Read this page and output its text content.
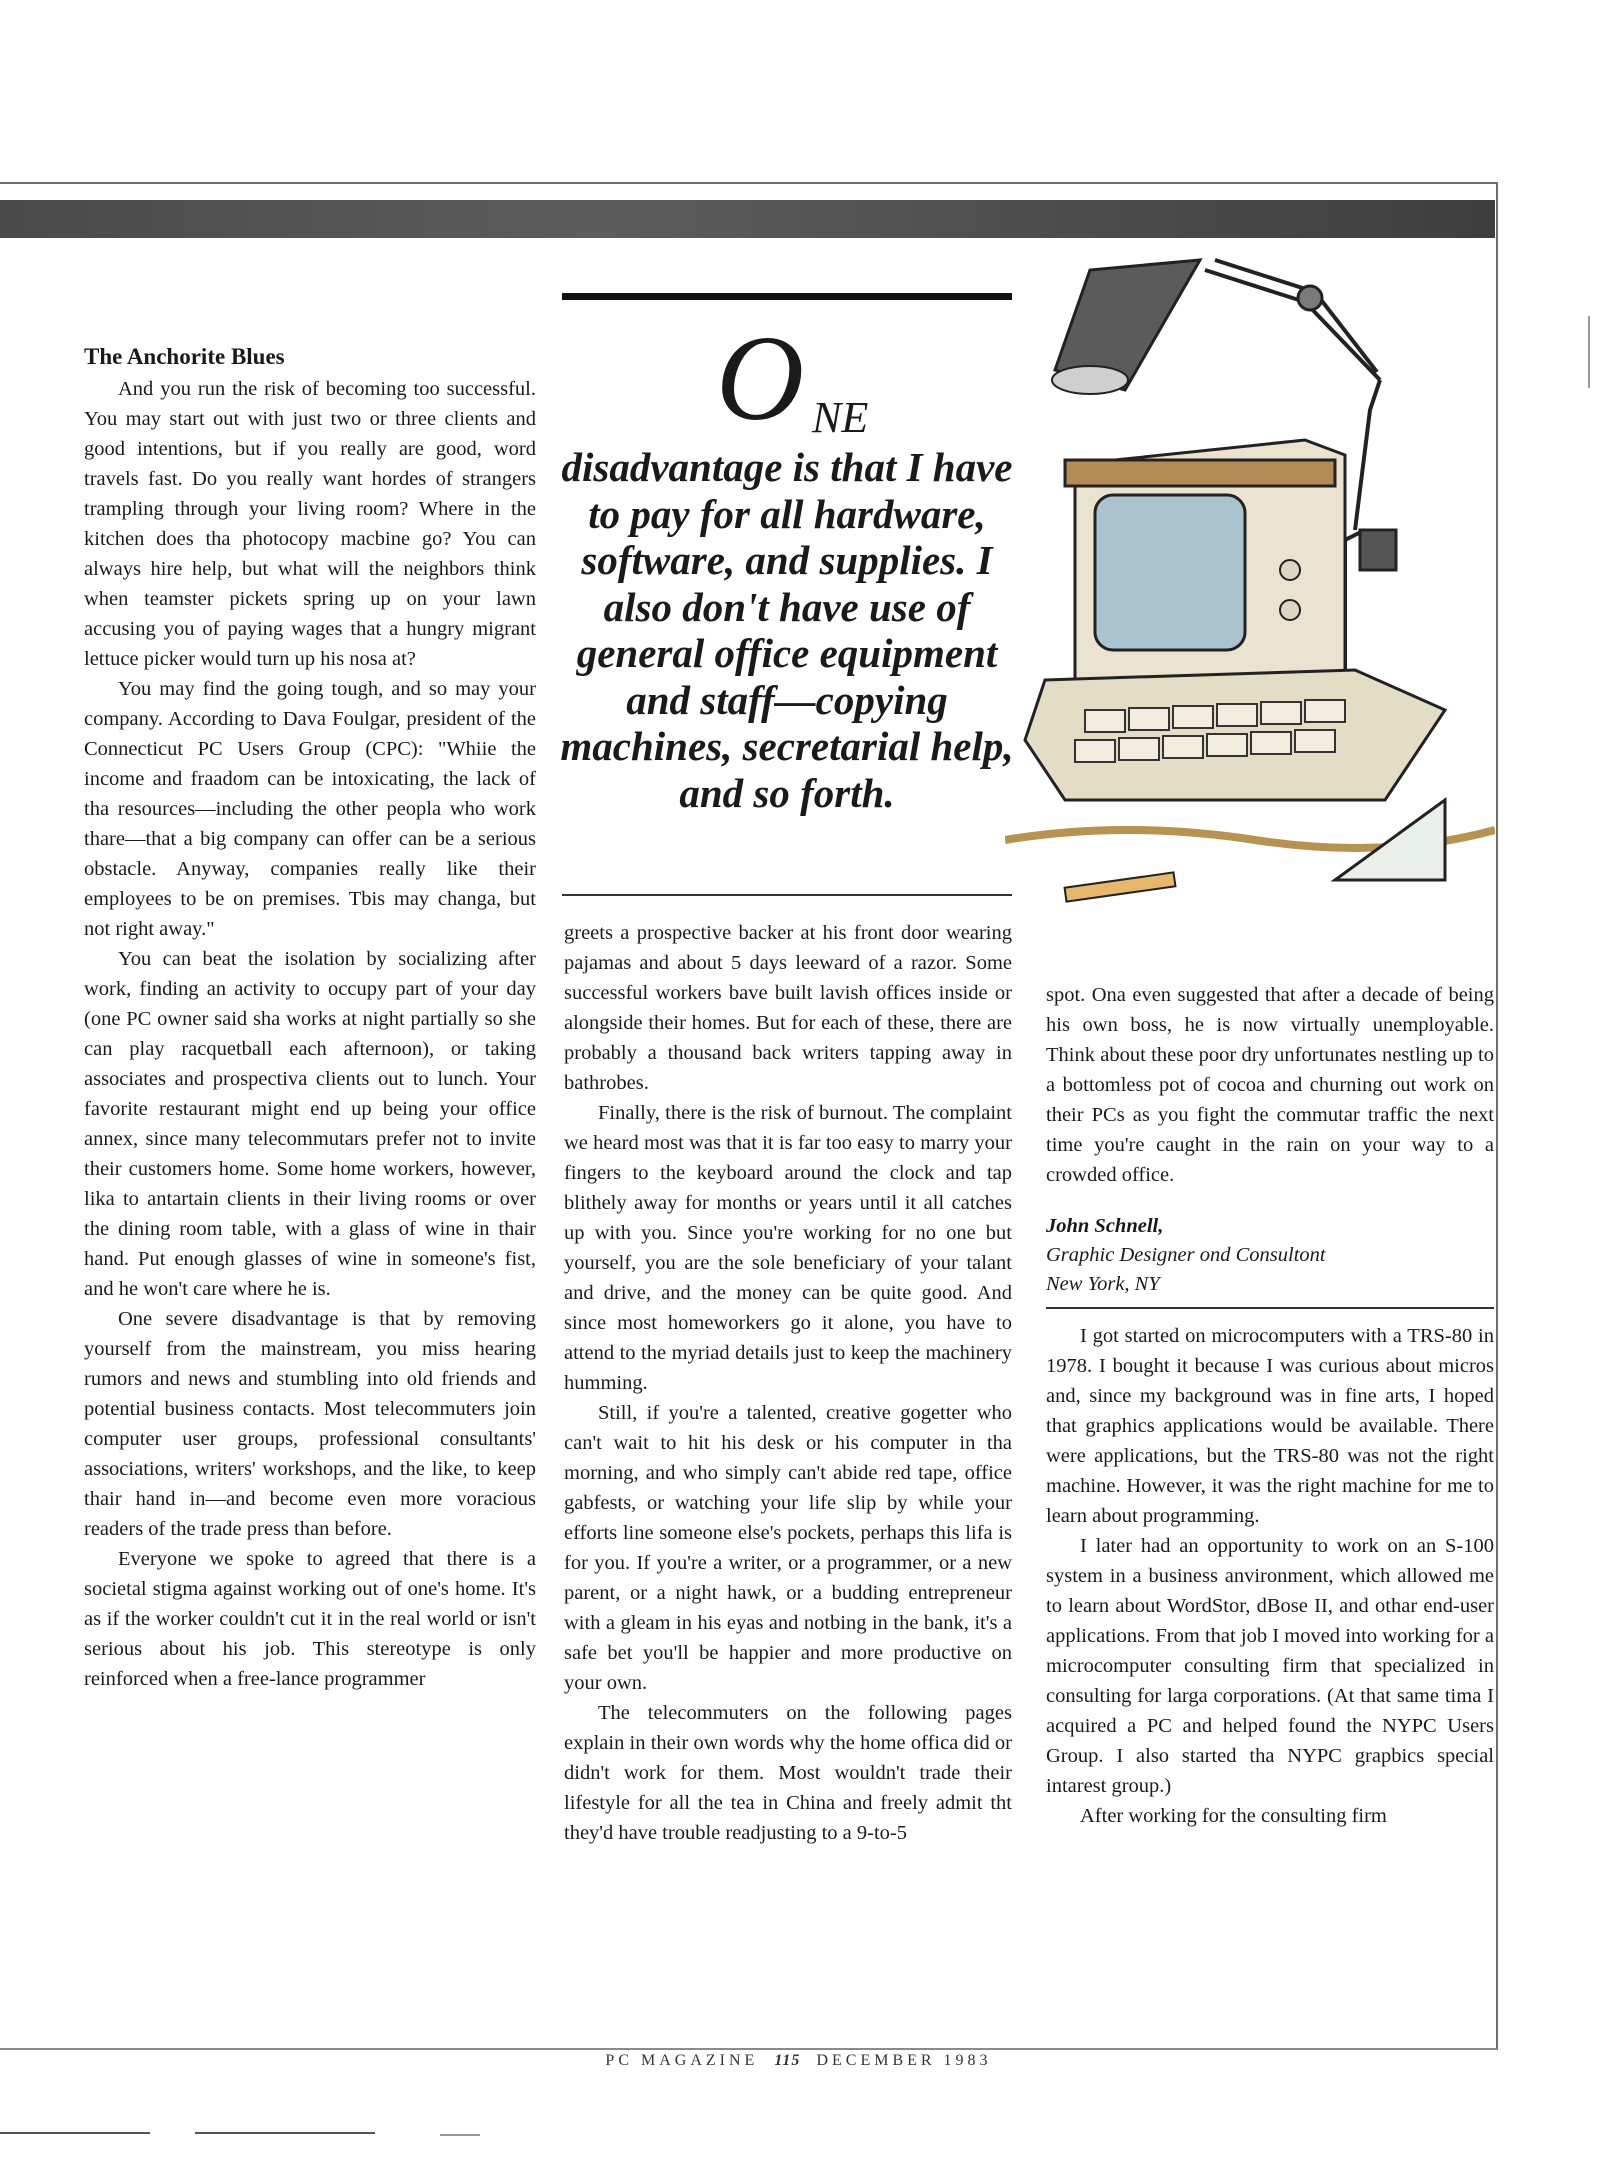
The Anchorite Blues

And you run the risk of becoming too successful. You may start out with just two or three clients and good intentions, but if you really are good, word travels fast. Do you really want hordes of strangers trampling through your living room? Where in the kitchen does tha photocopy macbine go? You can always hire help, but what will the neighbors think when teamster pickets spring up on your lawn accusing you of paying wages that a hungry migrant lettuce picker would turn up his nosa at?

You may find the going tough, and so may your company. According to Dava Foulgar, president of the Connecticut PC Users Group (CPC): "Whiie the income and fraadom can be intoxicating, the lack of tha resources—including the other peopla who work thare—that a big company can offer can be a serious obstacle. Anyway, companies really like their employees to be on premises. Tbis may changa, but not right away."

You can beat the isolation by socializing after work, finding an activity to occupy part of your day (one PC owner said sha works at night partially so she can play racquetball each afternoon), or taking associates and prospectiva clients out to lunch. Your favorite restaurant might end up being your office annex, since many telecommutars prefer not to invite their customers home. Some home workers, however, lika to antartain clients in their living rooms or over the dining room table, with a glass of wine in thair hand. Put enough glasses of wine in someone's fist, and he won't care where he is.

One severe disadvantage is that by removing yourself from the mainstream, you miss hearing rumors and news and stumbling into old friends and potential business contacts. Most telecommuters join computer user groups, professional consultants' associations, writers' workshops, and the like, to keep thair hand in—and become even more voracious readers of the trade press than before.

Everyone we spoke to agreed that there is a societal stigma against working out of one's home. It's as if the worker couldn't cut it in the real world or isn't serious about his job. This stereotype is only reinforced when a free-lance programmer

O NE
disadvantage is that I have to pay for all hardware, software, and supplies. I also don't have use of general office equipment and staff—copying machines, secretarial help, and so forth.

greets a prospective backer at his front door wearing pajamas and about 5 days leeward of a razor. Some successful workers bave built lavish offices inside or alongside their homes. But for each of these, there are probably a thousand back writers tapping away in bathrobes.

Finally, there is the risk of burnout. The complaint we heard most was that it is far too easy to marry your fingers to the keyboard around the clock and tap blithely away for months or years until it all catches up with you. Since you're working for no one but yourself, you are the sole beneficiary of your talant and drive, and the money can be quite good. And since most homeworkers go it alone, you have to attend to the myriad details just to keep the machinery humming.

Still, if you're a talented, creative gogetter who can't wait to hit his desk or his computer in tha morning, and who simply can't abide red tape, office gabfests, or watching your life slip by while your efforts line someone else's pockets, perhaps this lifa is for you. If you're a writer, or a programmer, or a new parent, or a night hawk, or a budding entrepreneur with a gleam in his eyas and notbing in the bank, it's a safe bet you'll be happier and more productive on your own.

The telecommuters on the following pages explain in their own words why the home offica did or didn't work for them. Most wouldn't trade their lifestyle for all the tea in China and freely admit tht they'd have trouble readjusting to a 9-to-5

spot. Ona even suggested that after a decade of being his own boss, he is now virtually unemployable. Think about these poor dry unfortunates nestling up to a bottomless pot of cocoa and churning out work on their PCs as you fight the commutar traffic the next time you're caught in the rain on your way to a crowded office.

John Schnell,
Graphic Designer ond Consultont
New York, NY

I got started on microcomputers with a TRS-80 in 1978. I bought it because I was curious about micros and, since my background was in fine arts, I hoped that graphics applications would be available. There were applications, but the TRS-80 was not the right machine. However, it was the right machine for me to learn about programming.

I later had an opportunity to work on an S-100 system in a business anvironment, which allowed me to learn about WordStor, dBose II, and othar end-user applications. From that job I moved into working for a microcomputer consulting firm that specialized in consulting for larga corporations. (At that same tima I acquired a PC and helped found the NYPC Users Group. I also started tha NYPC grapbics special intarest group.)

After working for the consulting firm

PC MAGAZINE 115 DECEMBER 1983
